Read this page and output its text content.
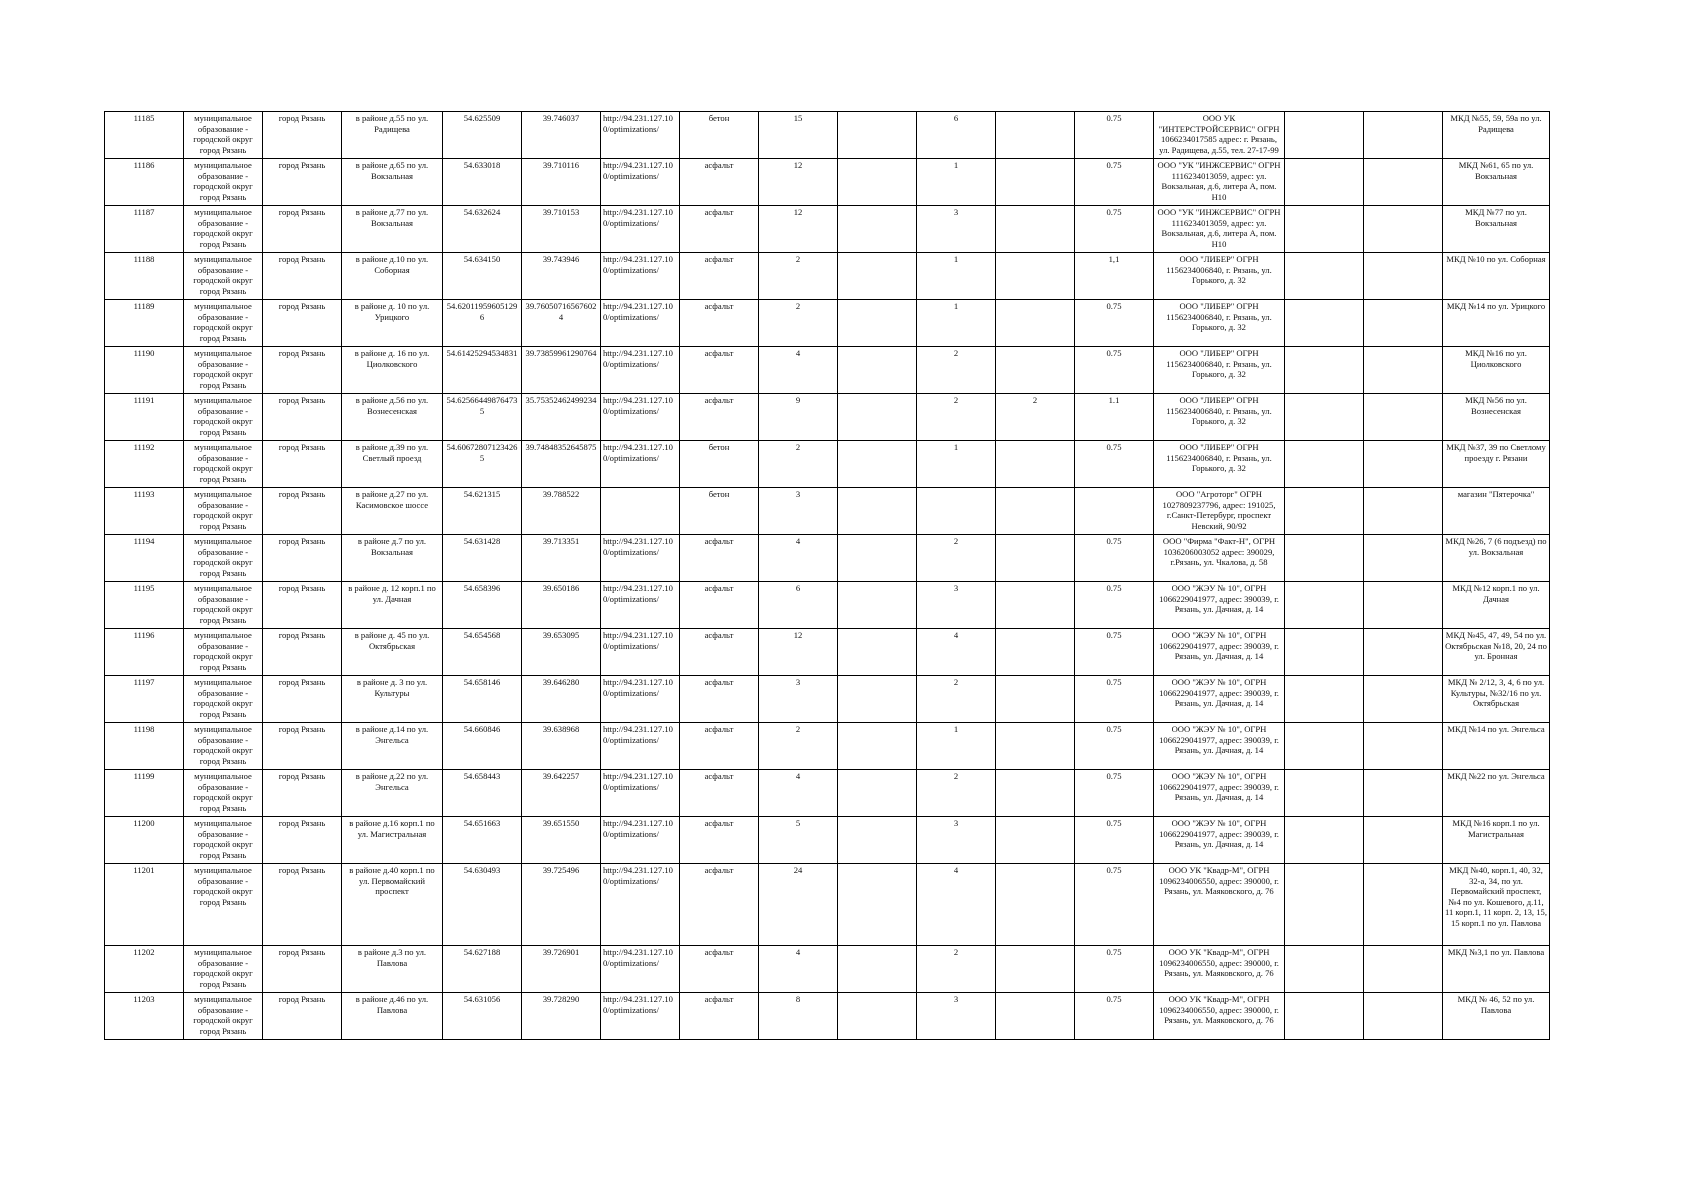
11185	муниципальное образование - городской округ город Рязань	город Рязань	в районе д.55 по ул. Радищева	54.625509	39.746037	http://94.231.127.100/optimizations/	бетон	15		6		0.75	ООО УК "ИНТЕРСТРОЙСЕРВИС" ОГРН 1066234017585 адрес: г. Рязань, ул. Радищева, д.55, тел. 27-17-99			МКД №55, 59, 59а по ул. Радищева
11186	муниципальное образование - городской округ город Рязань	город Рязань	в районе д.65 по ул. Вокзальная	54.633018	39.710116	http://94.231.127.100/optimizations/	асфальт	12		1		0.75	ООО "УК "ИНЖСЕРВИС" ОГРН 1116234013059, адрес: ул. Вокзальная, д.6, литера А, пом. Н10			МКД №61, 65 по ул. Вокзальная
11187	муниципальное образование - городской округ город Рязань	город Рязань	в районе д.77 по ул. Вокзальная	54.632624	39.710153	http://94.231.127.100/optimizations/	асфальт	12		3		0.75	ООО "УК "ИНЖСЕРВИС" ОГРН 1116234013059, адрес: ул. Вокзальная, д.6, литера А, пом. Н10			МКД №77 по ул. Вокзальная
11188	муниципальное образование - городской округ город Рязань	город Рязань	в районе д.10 по ул. Соборная	54.634150	39.743946	http://94.231.127.100/optimizations/	асфальт	2		1		1,1	ООО "ЛИБЕР" ОГРН 1156234006840, г. Рязань, ул. Горького, д. 32			МКД №10 по ул. Соборная
11189	муниципальное образование - городской округ город Рязань	город Рязань	в районе д. 10 по ул. Урицкого	54.620119596051296	39.760507165676024	http://94.231.127.100/optimizations/	асфальт	2		1		0.75	ООО "ЛИБЕР" ОГРН 1156234006840, г. Рязань, ул. Горького, д. 32			МКД №14 по ул. Урицкого
11190	муниципальное образование - городской округ город Рязань	город Рязань	в районе д. 16 по ул. Циолковского	54.61425294534831	39.73859961290764	http://94.231.127.100/optimizations/	асфальт	4		2		0.75	ООО "ЛИБЕР" ОГРН 1156234006840, г. Рязань, ул. Горького, д. 32			МКД №16 по ул. Циолковского
11191	муниципальное образование - городской округ город Рязань	город Рязань	в районе д.56 по ул. Вознесенская	54.625664498764735	35.75352462499234	http://94.231.127.100/optimizations/	асфальт	9		2	2	1.1	ООО "ЛИБЕР" ОГРН 1156234006840, г. Рязань, ул. Горького, д. 32			МКД №56 по ул. Вознесенская
11192	муниципальное образование - городской округ город Рязань	город Рязань	в районе д.39 по ул. Светлый проезд	54.606728071234265	39.74848352645875	http://94.231.127.100/optimizations/	бетон	2		1		0.75	ООО "ЛИБЕР" ОГРН 1156234006840, г. Рязань, ул. Горького, д. 32			МКД №37, 39 по Светлому проезду г. Рязани
11193	муниципальное образование - городской округ город Рязань	город Рязань	в районе д.27 по ул. Касимовское шоссе	54.621315	39.788522		бетон	3					ООО "Агроторг" ОГРН 1027809237796, адрес: 191025, г.Санкт-Петербург, проспект Невский, 90/92			магазин "Пятерочка"
11194	муниципальное образование - городской округ город Рязань	город Рязань	в районе д.7 по ул. Вокзальная	54.631428	39.713351	http://94.231.127.100/optimizations/	асфальт	4		2		0.75	ООО "Фирма "Факт-Н", ОГРН 1036206003052 адрес: 390029, г.Рязань, ул. Чкалова, д. 58			МКД №26, 7 (6 подъезд) по ул. Вокзальная
11195	муниципальное образование - городской округ город Рязань	город Рязань	в районе д. 12 корп.1 по ул. Дачная	54.658396	39.650186	http://94.231.127.100/optimizations/	асфальт	6		3		0.75	ООО "ЖЭУ № 10", ОГРН 1066229041977, адрес: 390039, г. Рязань, ул. Дачная, д. 14			МКД №12 корп.1 по ул. Дачная
11196	муниципальное образование - городской округ город Рязань	город Рязань	в районе д. 45 по ул. Октябрьская	54.654568	39.653095	http://94.231.127.100/optimizations/	асфальт	12		4		0.75	ООО "ЖЭУ № 10", ОГРН 1066229041977, адрес: 390039, г. Рязань, ул. Дачная, д. 14			МКД №45, 47, 49, 54 по ул. Октябрьская №18, 20, 24 по ул. Бронная
11197	муниципальное образование - городской округ город Рязань	город Рязань	в районе д. 3 по ул. Культуры	54.658146	39.646280	http://94.231.127.100/optimizations/	асфальт	3		2		0.75	ООО "ЖЭУ № 10", ОГРН 1066229041977, адрес: 390039, г. Рязань, ул. Дачная, д. 14			МКД № 2/12, 3, 4, 6 по ул. Культуры, №32/16 по ул. Октябрьская
11198	муниципальное образование - городской округ город Рязань	город Рязань	в районе д.14 по ул. Энгельса	54.660846	39.638968	http://94.231.127.100/optimizations/	асфальт	2		1		0.75	ООО "ЖЭУ № 10", ОГРН 1066229041977, адрес: 390039, г. Рязань, ул. Дачная, д. 14			МКД №14 по ул. Энгельса
11199	муниципальное образование - городской округ город Рязань	город Рязань	в районе д.22 по ул. Энгельса	54.658443	39.642257	http://94.231.127.100/optimizations/	асфальт	4		2		0.75	ООО "ЖЭУ № 10", ОГРН 1066229041977, адрес: 390039, г. Рязань, ул. Дачная, д. 14			МКД №22 по ул. Энгельса
11200	муниципальное образование - городской округ город Рязань	город Рязань	в районе д.16 корп.1 по ул. Магистральная	54.651663	39.651550	http://94.231.127.100/optimizations/	асфальт	5		3		0.75	ООО "ЖЭУ № 10", ОГРН 1066229041977, адрес: 390039, г. Рязань, ул. Дачная, д. 14			МКД №16 корп.1 по ул. Магистральная
11201	муниципальное образование - городской округ город Рязань	город Рязань	в районе д.40 корп.1 по ул. Первомайский проспект	54.630493	39.725496	http://94.231.127.100/optimizations/	асфальт	24		4		0.75	ООО УК "Квадр-М", ОГРН 1096234006550, адрес: 390000, г. Рязань, ул. Маяковского, д. 76			МКД №40, корп.1, 40, 32, 32-а, 34, по ул. Первомайский проспект, №4 по ул. Кошевого, д.11, 11 корп.1, 11 корп. 2, 13, 15, 15 корп.1 по ул. Павлова
11202	муниципальное образование - городской округ город Рязань	город Рязань	в районе д.3 по ул. Павлова	54.627188	39.726901	http://94.231.127.100/optimizations/	асфальт	4		2		0.75	ООО УК "Квадр-М", ОГРН 1096234006550, адрес: 390000, г. Рязань, ул. Маяковского, д. 76			МКД №3,1 по ул. Павлова
11203	муниципальное образование - городской округ город Рязань	город Рязань	в районе д.46 по ул. Павлова	54.631056	39.728290	http://94.231.127.100/optimizations/	асфальт	8		3		0.75	ООО УК "Квадр-М", ОГРН 1096234006550, адрес: 390000, г. Рязань, ул. Маяковского, д. 76			МКД № 46, 52 по ул. Павлова
